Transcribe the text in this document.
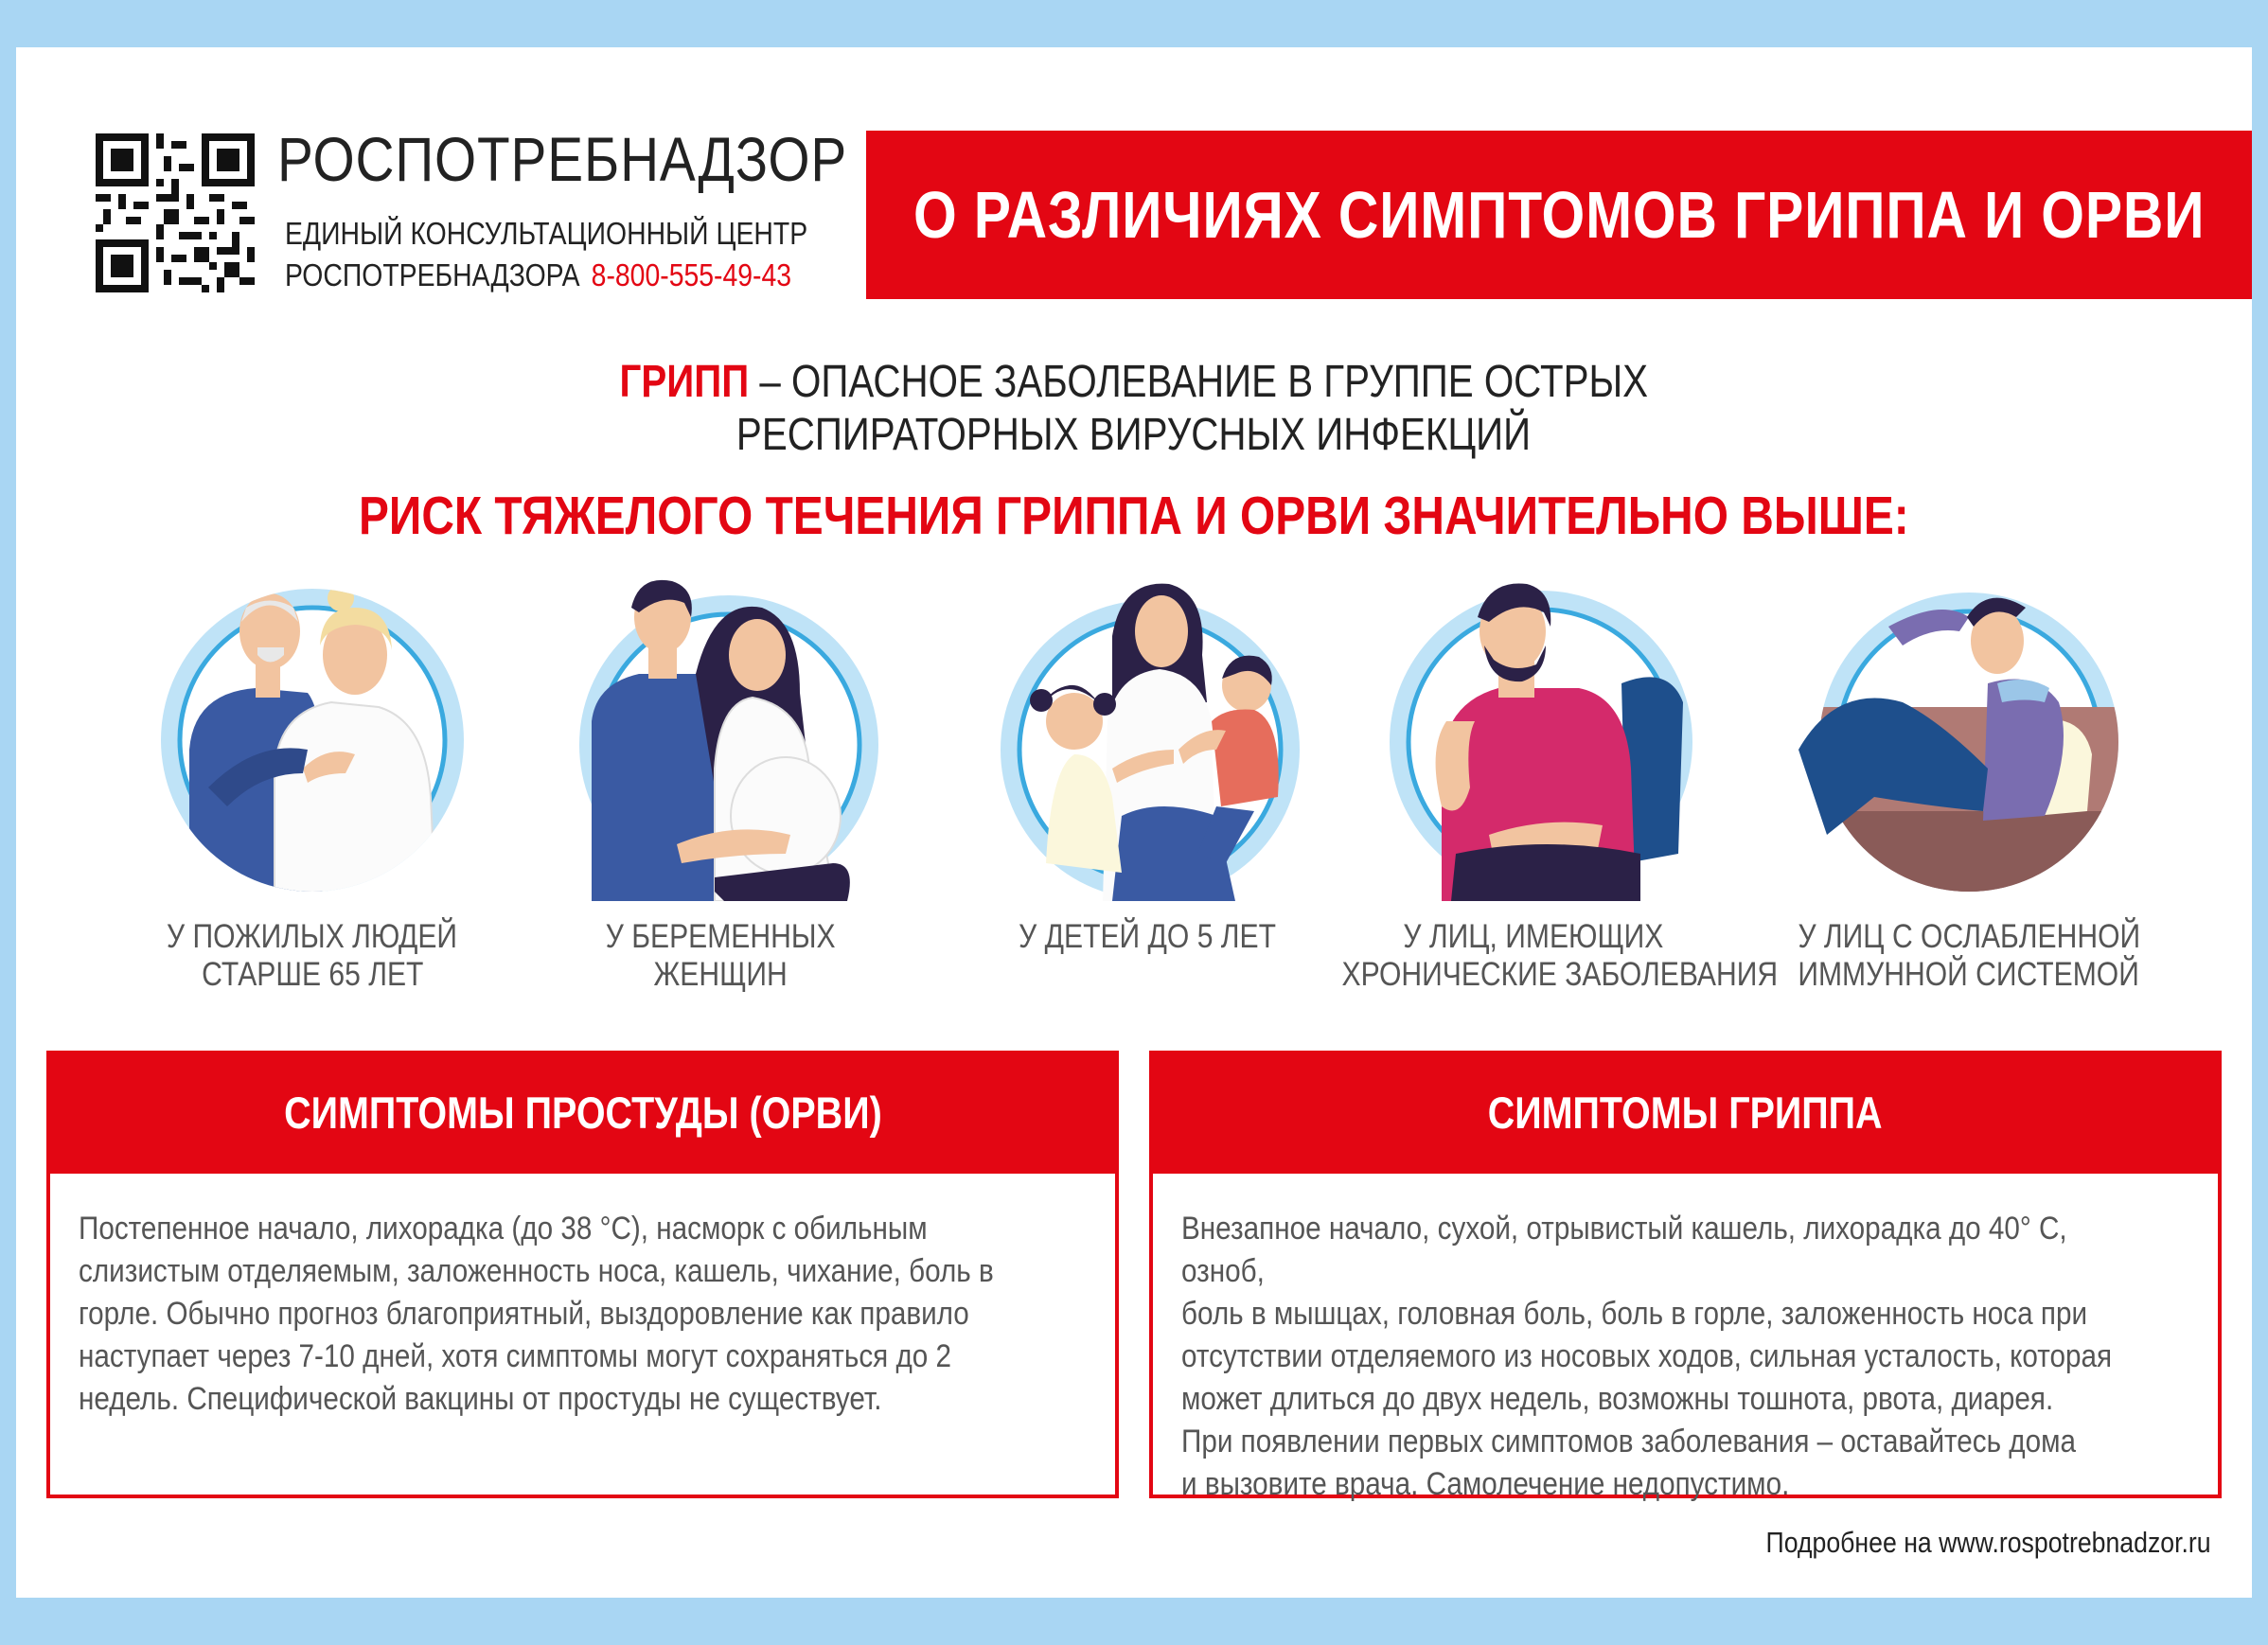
РОСПОТРЕБНАДЗОР
ЕДИНЫЙ КОНСУЛЬТАЦИОННЫЙ ЦЕНТР
РОСПОТРЕБНАДЗОРА 8-800-555-49-43
О РАЗЛИЧИЯХ СИМПТОМОВ ГРИППА И ОРВИ
ГРИПП – ОПАСНОЕ ЗАБОЛЕВАНИЕ В ГРУППЕ ОСТРЫХ
РЕСПИРАТОРНЫХ ВИРУСНЫХ ИНФЕКЦИЙ
РИСК ТЯЖЕЛОГО ТЕЧЕНИЯ ГРИППА И ОРВИ ЗНАЧИТЕЛЬНО ВЫШЕ:
У ПОЖИЛЫХ ЛЮДЕЙ
СТАРШЕ 65 ЛЕТ
У БЕРЕМЕННЫХ
ЖЕНЩИН
У ДЕТЕЙ ДО 5 ЛЕТ	У ЛИЦ, ИМЕЮЩИХ
ХРОНИЧЕСКИЕ ЗАБОЛЕВАНИЯ
У ЛИЦ С ОСЛАБЛЕННОЙ
ИММУННОЙ СИСТЕМОЙ
СИМПТОМЫ ПРОСТУДЫ (ОРВИ)
Постепенное начало, лихорадка (до 38 °С), насморк с обильным
слизистым отделяемым, заложенность носа, кашель, чихание, боль в
горле. Обычно прогноз благоприятный, выздоровление как правило
наступает через 7-10 дней, хотя симптомы могут сохраняться до 2
недель. Специфической вакцины от простуды не существует.
СИМПТОМЫ ГРИППА
Внезапное начало, сухой, отрывистый кашель, лихорадка до 40° С, озноб,
боль в мышцах, головная боль, боль в горле, заложенность носа при
отсутствии отделяемого из носовых ходов, сильная усталость, которая
может длиться до двух недель, возможны тошнота, рвота, диарея.
При появлении первых симптомов заболевания – оставайтесь дома
и вызовите врача. Самолечение недопустимо.
Подробнее на www.rospotrebnadzor.ru
